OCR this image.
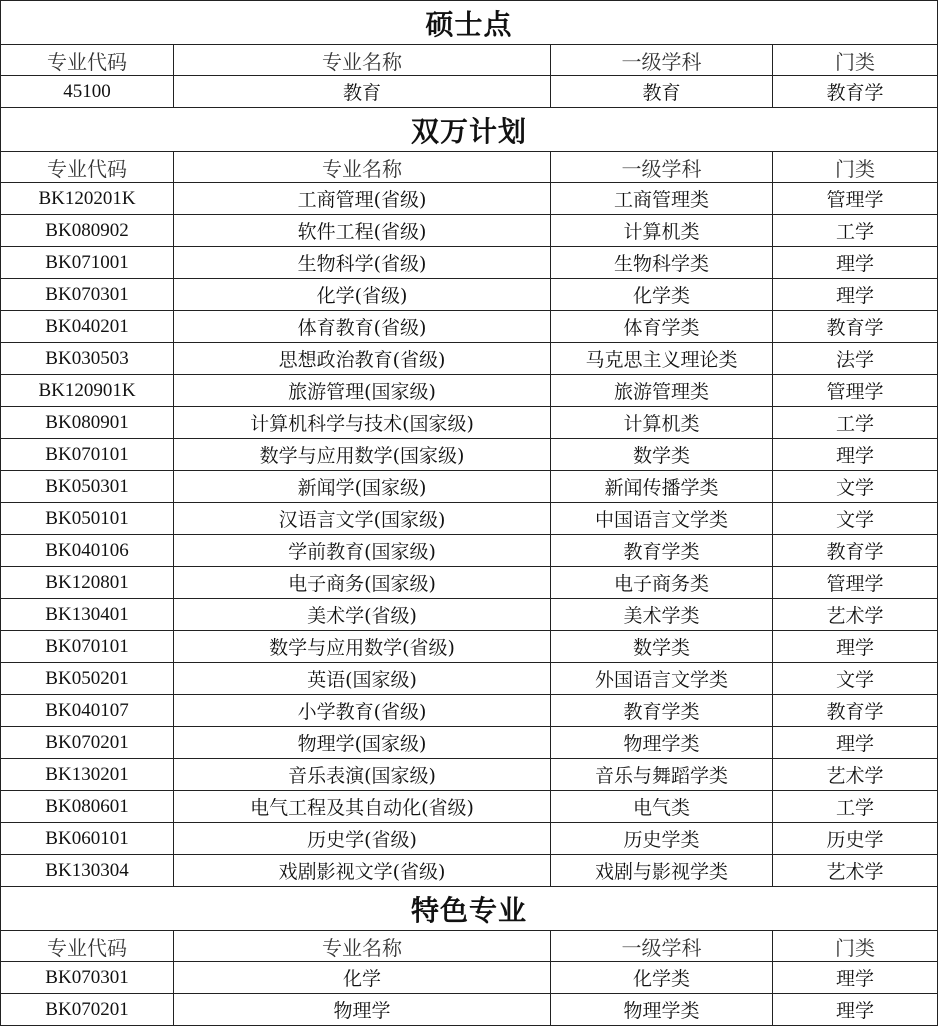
硕士点			
专业代码	专业名称	一级学科	门类
45100	教育	教育	教育学
双万计划			
专业代码	专业名称	一级学科	门类
BK120201K	工商管理(省级)	工商管理类	管理学
BK080902	软件工程(省级)	计算机类	工学
BK071001	生物科学(省级)	生物科学类	理学
BK070301	化学(省级)	化学类	理学
BK040201	体育教育(省级)	体育学类	教育学
BK030503	思想政治教育(省级)	马克思主义理论类	法学
BK120901K	旅游管理(国家级)	旅游管理类	管理学
BK080901	计算机科学与技术(国家级)	计算机类	工学
BK070101	数学与应用数学(国家级)	数学类	理学
BK050301	新闻学(国家级)	新闻传播学类	文学
BK050101	汉语言文学(国家级)	中国语言文学类	文学
BK040106	学前教育(国家级)	教育学类	教育学
BK120801	电子商务(国家级)	电子商务类	管理学
BK130401	美术学(省级)	美术学类	艺术学
BK070101	数学与应用数学(省级)	数学类	理学
BK050201	英语(国家级)	外国语言文学类	文学
BK040107	小学教育(省级)	教育学类	教育学
BK070201	物理学(国家级)	物理学类	理学
BK130201	音乐表演(国家级)	音乐与舞蹈学类	艺术学
BK080601	电气工程及其自动化(省级)	电气类	工学
BK060101	历史学(省级)	历史学类	历史学
BK130304	戏剧影视文学(省级)	戏剧与影视学类	艺术学
特色专业			
专业代码	专业名称	一级学科	门类
BK070301	化学	化学类	理学
BK070201	物理学	物理学类	理学
